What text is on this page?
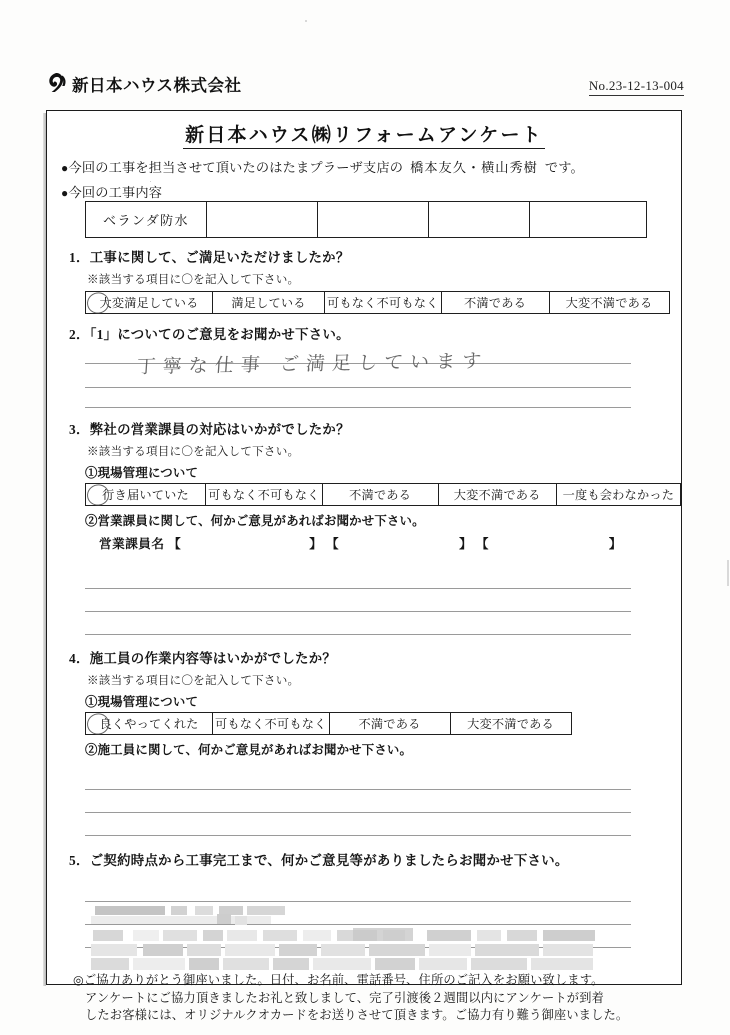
新日本ハウス株式会社	No.23-12-13-004
新日本ハウス㈱リフォームアンケート
●今回の工事を担当させて頂いたのはたまプラーザ支店の 橋本友久・横山秀樹 です。
●今回の工事内容
ベランダ防水				
1．工事に関して、ご満足いただけましたか？
※該当する項目に〇を記入して下さい。
大変満足している	満足している	可もなく不可もなく	不満である	大変不満である
2．「1」についてのご意見をお聞かせ下さい。
丁寧な仕事 ご満足しています
3．弊社の営業課員の対応はいかがでしたか？
※該当する項目に〇を記入して下さい。
①現場管理について
行き届いていた	可もなく不可もなく	不満である	大変不満である	一度も会わなかった
②営業課員に関して、何かご意見があればお聞かせ下さい。
営業課員名 【	】 【	】 【	】
4．施工員の作業内容等はいかがでしたか？
※該当する項目に〇を記入して下さい。
①現場管理について
良くやってくれた	可もなく不可もなく	不満である	大変不満である
②施工員に関して、何かご意見があればお聞かせ下さい。
5．ご契約時点から工事完工まで、何かご意見等がありましたらお聞かせ下さい。
◎ご協力ありがとう御座いました。日付、お名前、電話番号、住所のご記入をお願い致します。
アンケートにご協力頂きましたお礼と致しまして、完了引渡後２週間以内にアンケートが到着
したお客様には、オリジナルクオカードをお送りさせて頂きます。ご協力有り難う御座いました。
